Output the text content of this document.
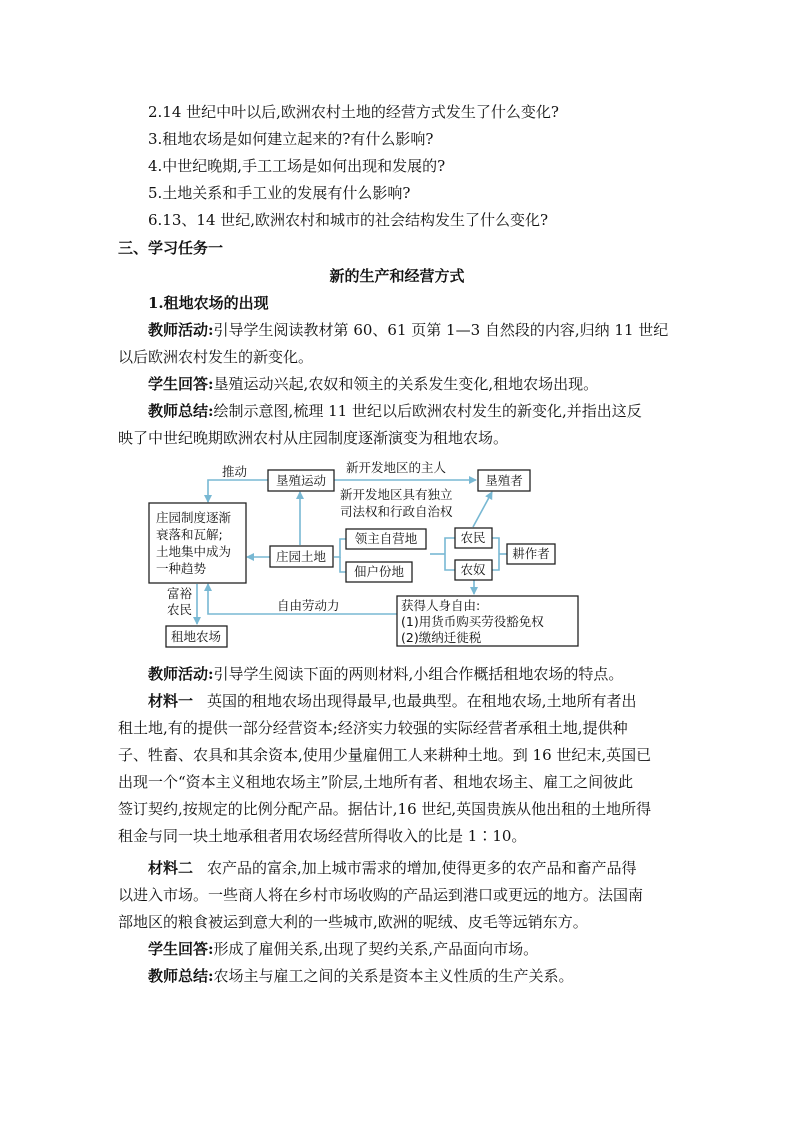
2.14 世纪中叶以后,欧洲农村土地的经营方式发生了什么变化?
3.租地农场是如何建立起来的?有什么影响?
4.中世纪晚期,手工工场是如何出现和发展的?
5.土地关系和手工业的发展有什么影响?
6.13、14 世纪,欧洲农村和城市的社会结构发生了什么变化?
三、学习任务一
新的生产和经营方式
1.租地农场的出现
教师活动:引导学生阅读教材第 60、61 页第 1—3 自然段的内容,归纳 11 世纪
以后欧洲农村发生的新变化。
学生回答:垦殖运动兴起,农奴和领主的关系发生变化,租地农场出现。
教师总结:绘制示意图,梳理 11 世纪以后欧洲农村发生的新变化,并指出这反
映了中世纪晚期欧洲农村从庄园制度逐渐演变为租地农场。
垦殖运动	垦殖者
庄园制度逐渐
衰落和瓦解;
土地集中成为
一种趋势
庄园土地
领主自营地
佃户份地
农民
农奴
耕作者
获得人身自由:
(1)用货币购买劳役豁免权
(2)缴纳迁徙税
租地农场
推动	新开发地区的主人
新开发地区具有独立
司法权和行政自治权
富裕
农民	自由劳动力
教师活动:引导学生阅读下面的两则材料,小组合作概括租地农场的特点。
材料一 英国的租地农场出现得最早,也最典型。在租地农场,土地所有者出
租土地,有的提供一部分经营资本;经济实力较强的实际经营者承租土地,提供种
子、牲畜、农具和其余资本,使用少量雇佣工人来耕种土地。到 16 世纪末,英国已
出现一个“资本主义租地农场主”阶层,土地所有者、租地农场主、雇工之间彼此
签订契约,按规定的比例分配产品。据估计,16 世纪,英国贵族从他出租的土地所得
租金与同一块土地承租者用农场经营所得收入的比是 1∶10。
材料二 农产品的富余,加上城市需求的增加,使得更多的农产品和畜产品得
以进入市场。一些商人将在乡村市场收购的产品运到港口或更远的地方。法国南
部地区的粮食被运到意大利的一些城市,欧洲的呢绒、皮毛等远销东方。
学生回答:形成了雇佣关系,出现了契约关系,产品面向市场。
教师总结:农场主与雇工之间的关系是资本主义性质的生产关系。
